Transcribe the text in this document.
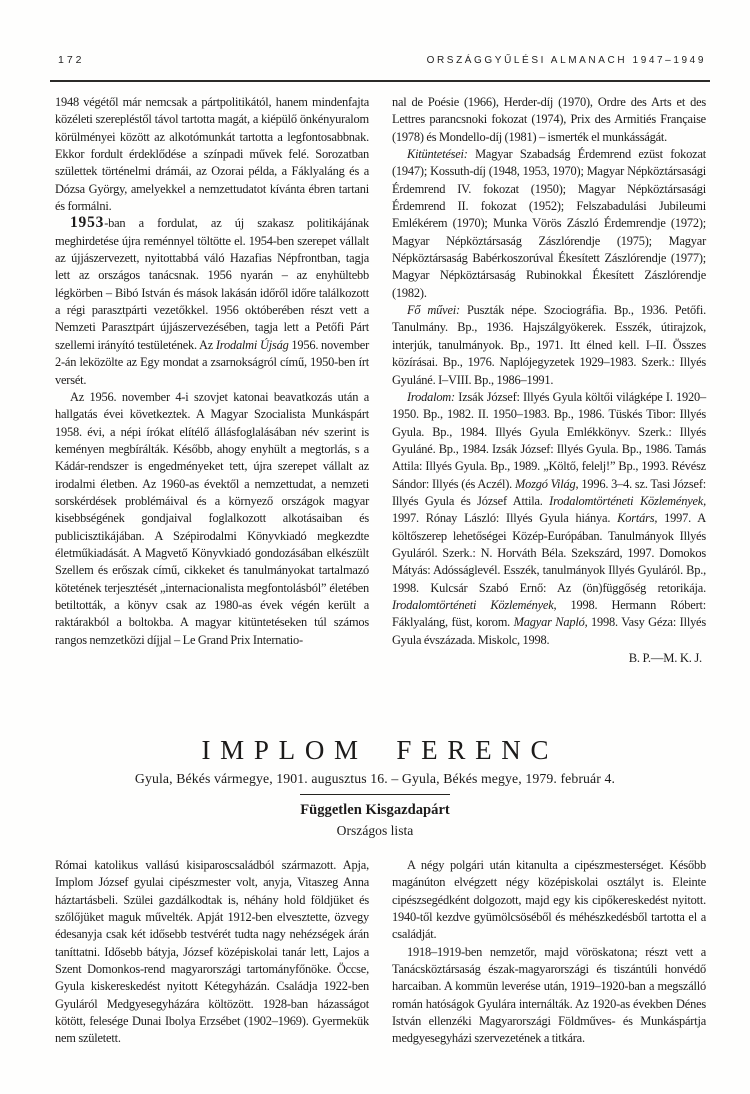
172	ORSZÁGGYŰLÉSI ALMANACH 1947–1949

1948 végétől már nemcsak a pártpolitikától, hanem mindenfajta közéleti szerepléstől távol tartotta magát, a kiépülő önkényuralom körülményei között az alkotómunkát tartotta a legfontosabbnak. Ekkor fordult érdeklődése a színpadi művek felé. Sorozatban születtek történelmi drámái, az Ozorai példa, a Fáklyaláng és a Dózsa György, amelyekkel a nemzettudatot kívánta ébren tartani és formálni.

1953-ban a fordulat, az új szakasz politikájának meghirdetése újra reménnyel töltötte el. 1954-ben szerepet vállalt az újjászervezett, nyitottabbá váló Hazafias Népfrontban, tagja lett az országos tanácsnak. 1956 nyarán – az enyhültebb légkörben – Bibó István és mások lakásán időről időre találkozott a régi parasztpárti vezetőkkel. 1956 októberében részt vett a Nemzeti Parasztpárt újjászervezésében, tagja lett a Petőfi Párt szellemi irányító testületének. Az Irodalmi Újság 1956. november 2-án leközölte az Egy mondat a zsarnokságról című, 1950-ben írt versét.

Az 1956. november 4-i szovjet katonai beavatkozás után a hallgatás évei következtek. A Magyar Szocialista Munkáspárt 1958. évi, a népi írókat elítélő állásfoglalásában név szerint is keményen megbírálták. Később, ahogy enyhült a megtorlás, s a Kádár-rendszer is engedményeket tett, újra szerepet vállalt az irodalmi életben. Az 1960-as évektől a nemzettudat, a nemzeti sorskérdések problémáival és a környező országok magyar kisebbségének gondjaival foglalkozott alkotásaiban és publicisztikájában. A Szépirodalmi Könyvkiadó megkezdte életműkiadását. A Magvető Könyvkiadó gondozásában elkészült Szellem és erőszak című, cikkeket és tanulmányokat tartalmazó kötetének terjesztését „internacionalista megfontolásból” életében betiltották, a könyv csak az 1980-as évek végén került a raktárakból a boltokba. A magyar kitüntetéseken túl számos rangos nemzetközi díjjal – Le Grand Prix Internatio-

nal de Poésie (1966), Herder-díj (1970), Ordre des Arts et des Lettres parancsnoki fokozat (1974), Prix des Armitiés Française (1978) és Mondello-díj (1981) – ismerték el munkásságát.

Kitüntetései: Magyar Szabadság Érdemrend ezüst fokozat (1947); Kossuth-díj (1948, 1953, 1970); Magyar Népköztársasági Érdemrend IV. fokozat (1950); Magyar Népköztársasági Érdemrend II. fokozat (1952); Felszabadulási Jubileumi Emlékérem (1970); Munka Vörös Zászló Érdemrendje (1972); Magyar Népköztársaság Zászlórendje (1975); Magyar Népköztársaság Babérkoszorúval Ékesített Zászlórendje (1977); Magyar Népköztársaság Rubinokkal Ékesített Zászlórendje (1982).

Fő művei: Puszták népe. Szociográfia. Bp., 1936. Petőfi. Tanulmány. Bp., 1936. Hajszálgyökerek. Esszék, útirajzok, interjúk, tanulmányok. Bp., 1971. Itt élned kell. I–II. Összes közírásai. Bp., 1976. Naplójegyzetek 1929–1983. Szerk.: Illyés Gyuláné. I–VIII. Bp., 1986–1991.

Irodalom: Izsák József: Illyés Gyula költői világképe I. 1920–1950. Bp., 1982. II. 1950–1983. Bp., 1986. Tüskés Tibor: Illyés Gyula. Bp., 1984. Illyés Gyula Emlékkönyv. Szerk.: Illyés Gyuláné. Bp., 1984. Izsák József: Illyés Gyula. Bp., 1986. Tamás Attila: Illyés Gyula. Bp., 1989. „Költő, felelj!” Bp., 1993. Révész Sándor: Illyés (és Aczél). Mozgó Világ, 1996. 3–4. sz. Tasi József: Illyés Gyula és József Attila. Irodalomtörténeti Közlemények, 1997. Rónay László: Illyés Gyula hiánya. Kortárs, 1997. A költőszerep lehetőségei Közép-Európában. Tanulmányok Illyés Gyuláról. Szerk.: N. Horváth Béla. Szekszárd, 1997. Domokos Mátyás: Adósságlevél. Esszék, tanulmányok Illyés Gyuláról. Bp., 1998. Kulcsár Szabó Ernő: Az (ön)függőség retorikája. Irodalomtörténeti Közlemények, 1998. Hermann Róbert: Fáklyaláng, füst, korom. Magyar Napló, 1998. Vasy Géza: Illyés Gyula évszázada. Miskolc, 1998.

B. P.—M. K. J.

IMPLOM FERENC

Gyula, Békés vármegye, 1901. augusztus 16. – Gyula, Békés megye, 1979. február 4.

Független Kisgazdapárt

Országos lista

Római katolikus vallású kisiparoscsaládból származott. Apja, Implom József gyulai cipészmester volt, anyja, Vitaszeg Anna háztartásbeli. Szülei gazdálkodtak is, néhány hold földjüket és szőlőjüket maguk művelték. Apját 1912-ben elvesztette, özvegy édesanyja csak két idősebb testvérét tudta nagy nehézségek árán taníttatni. Idősebb bátyja, József középiskolai tanár lett, Lajos a Szent Domonkos-rend magyarországi tartományfőnöke. Öccse, Gyula kiskereskedést nyitott Kétegyházán. Családja 1922-ben Gyuláról Medgyesegyházára költözött. 1928-ban házasságot kötött, felesége Dunai Ibolya Erzsébet (1902–1969). Gyermekük nem született.

A négy polgári után kitanulta a cipészmesterséget. Később magánúton elvégzett négy középiskolai osztályt is. Eleinte cipészsegédként dolgozott, majd egy kis cipőkereskedést nyitott. 1940-től kezdve gyümölcsöséből és méhészkedésből tartotta el a családját.

1918–1919-ben nemzetőr, majd vöröskatona; részt vett a Tanácsköztársaság észak-magyarországi és tiszántúli honvédő harcaiban. A kommün leverése után, 1919–1920-ban a megszálló román hatóságok Gyulára internálták. Az 1920-as években Dénes István ellenzéki Magyarországi Földműves- és Munkáspártja medgyesegyházi szervezetének a titkára.
